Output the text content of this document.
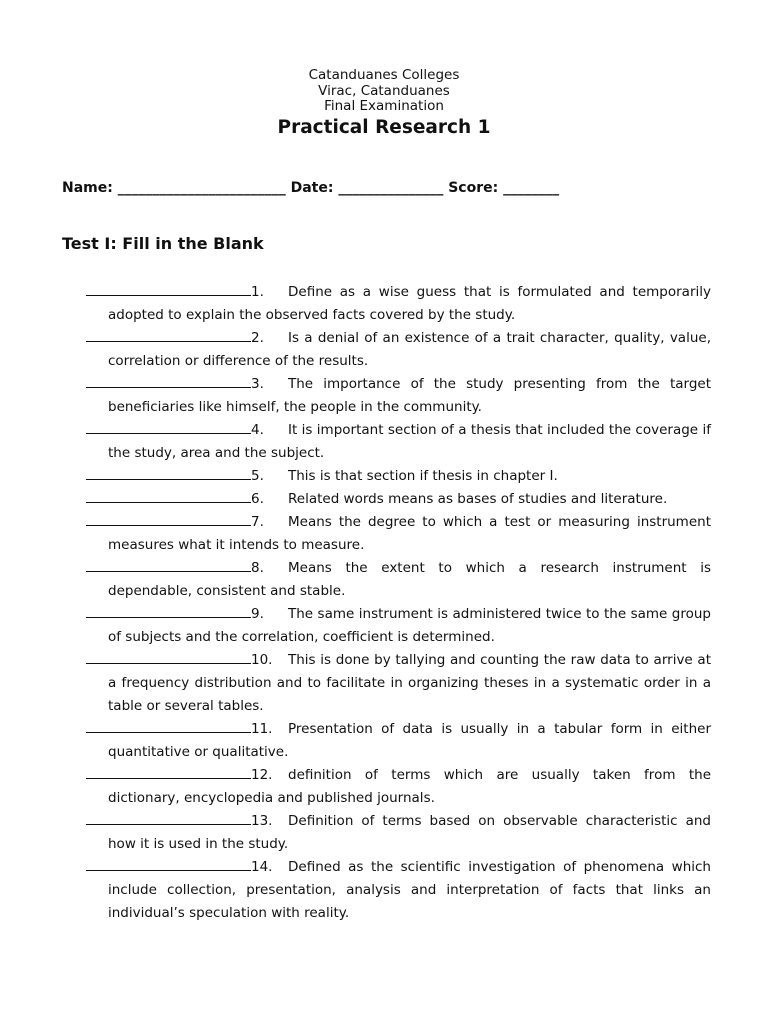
Catanduanes Colleges
Virac, Catanduanes
Final Examination
Practical Research 1
Name: ________________________ Date: _______________ Score: ________
Test I: Fill in the Blank
1. Define as a wise guess that is formulated and temporarily adopted to explain the observed facts covered by the study.
2. Is a denial of an existence of a trait character, quality, value, correlation or difference of the results.
3. The importance of the study presenting from the target beneficiaries like himself, the people in the community.
4. It is important section of a thesis that included the coverage if the study, area and the subject.
5. This is that section if thesis in chapter I.
6. Related words means as bases of studies and literature.
7. Means the degree to which a test or measuring instrument measures what it intends to measure.
8. Means the extent to which a research instrument is dependable, consistent and stable.
9. The same instrument is administered twice to the same group of subjects and the correlation, coefficient is determined.
10. This is done by tallying and counting the raw data to arrive at a frequency distribution and to facilitate in organizing theses in a systematic order in a table or several tables.
11. Presentation of data is usually in a tabular form in either quantitative or qualitative.
12. definition of terms which are usually taken from the dictionary, encyclopedia and published journals.
13. Definition of terms based on observable characteristic and how it is used in the study.
14. Defined as the scientific investigation of phenomena which include collection, presentation, analysis and interpretation of facts that links an individual’s speculation with reality.
